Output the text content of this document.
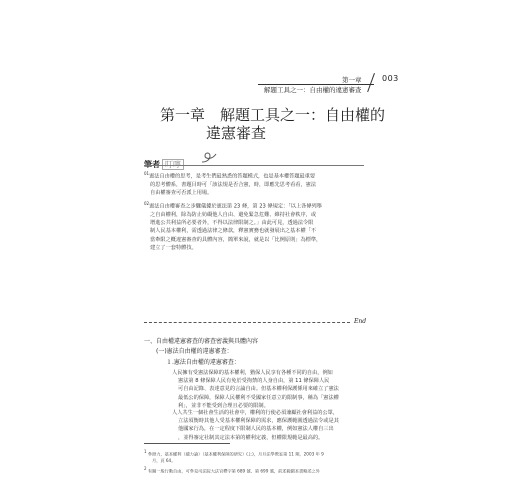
第一章	003
解題工具之一：自由權的違憲審查
第一章　解題工具之一：自由權的
違憲審查
筆者 叮嚀
$^{01}$憲法自由權的思考，是考生們最熟悉的答題模式，也是基本權答題最重要
的思考體系，書題目時可「該法規是否合憲，時，即應先思考看看，憲法
自由權審查可否派上用場。
$^{02}$憲法自由權審查之步驟儀據於憲法第 23 條，第 23 條規定：「以上各條列舉
之自由權利，除為防止妨礙他人自由、避免緊急危難、維持社會秩序，或
增進公共利益所必要者外，不得以法律限制之。」由此可見，透過法令限
制人民基本權利，需透過法律之條款，釋憲實務也就發展出之基本權「不
當牽限之概違憲審查的具體內容，簡單來說，就是以「比例原則」為標準，
建立了一套特體技。
End
一、自由權違憲審查的審查密義與具體內容
(一)憲法自由權的違憲審查：
１.憲法自由權的違憲審查：
人民擁有受憲法保障的基本權利，猶保人民享有各種不同的自由，例如
憲法第 8 條保障人民有免於受拘禁的人身自由，第 11 條保障人民
可自由記錄、表達意見的言論自由。但基本權利保護係用來確立了憲法
最低公的保障，保障人民權利不受國家任意立的限制事，稱為「憲法權
利」，並非不能受到合理且必要的限制。
人人共生一個社會生活的社會中，權利的行使必須兼顧社會利益的公眾，
立法須衡時其他人受基本權利保障的需求，應保護範圍透過法令或是其
他國家行為，在一定程度下限制人民的基本權，例如憲法人權自三出
，並得審定社制其定法本第的權利定義，但權限規範是最高的。
1 參照力，基本權利（總力論）（基本權利保障的研究）(上)，月旦法學教室第 11 期，2003 年 9
月，頁 64。
2 有關一般行動自由，可參見司法院大法官釋字第 689 號、第 699 號，前述範圍本書略述之外
